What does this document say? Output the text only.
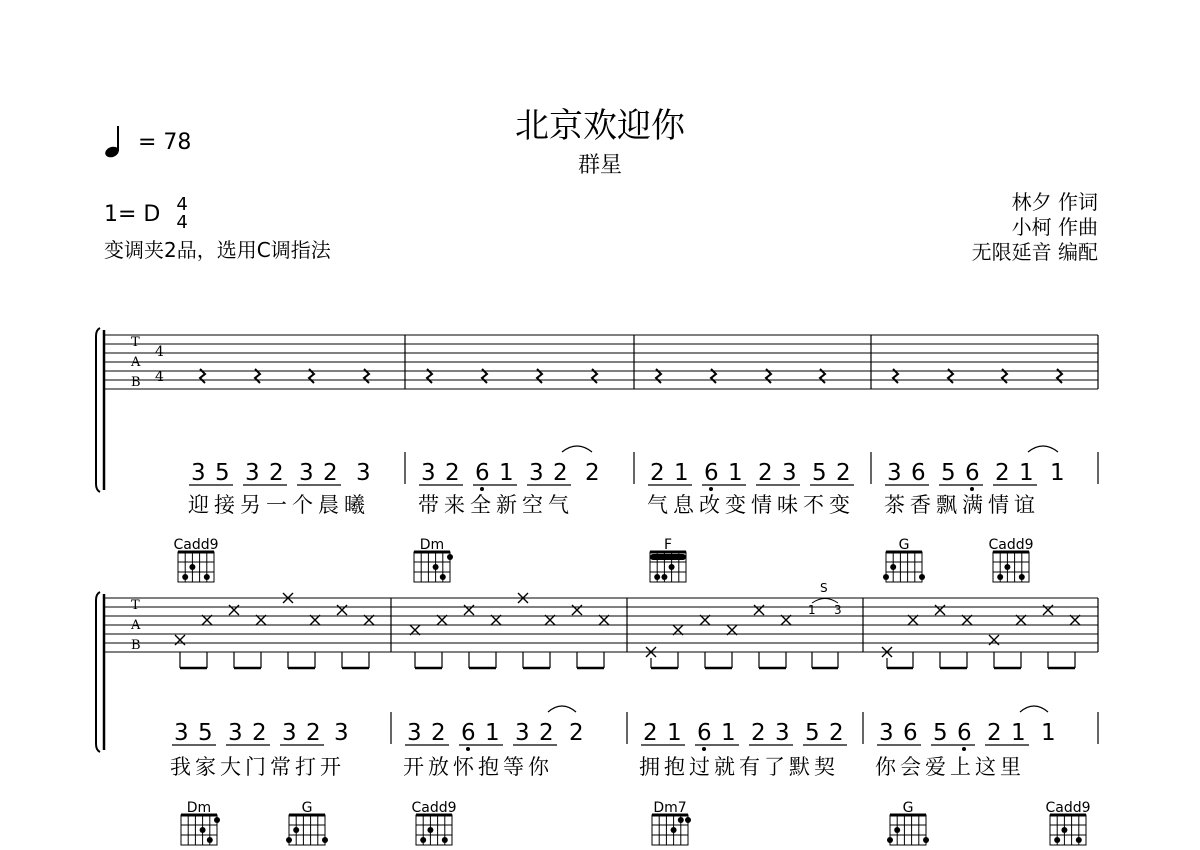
北京欢迎你
群星
= 78
1= D 4
4
变调夹2品，选用C调指法
林夕 作词
小柯 作曲
无限延音 编配
T
A
B
4
4
3 5 3 2 3 2 3 3 2 6 1 3 2 2 2 1 6 1 2 3 5 2 3 6 5 6 2 1 1
迎接另一个晨曦 带来全新空气	气息改变情味不变 茶香飘满情谊
Cadd9	Dm	F	G	Cadd9
T
A
B
1 3
S
3 5 3 2 3 2 3	3 2 6 1 3 2 2	2 1 6 1 2 3 5 2 3 6 5 6 2 1 1
我家大门常打开	开放怀抱等你	拥抱过就有了默契 你会爱上这里
Dm	G	Cadd9	Dm7	G	Cadd9
